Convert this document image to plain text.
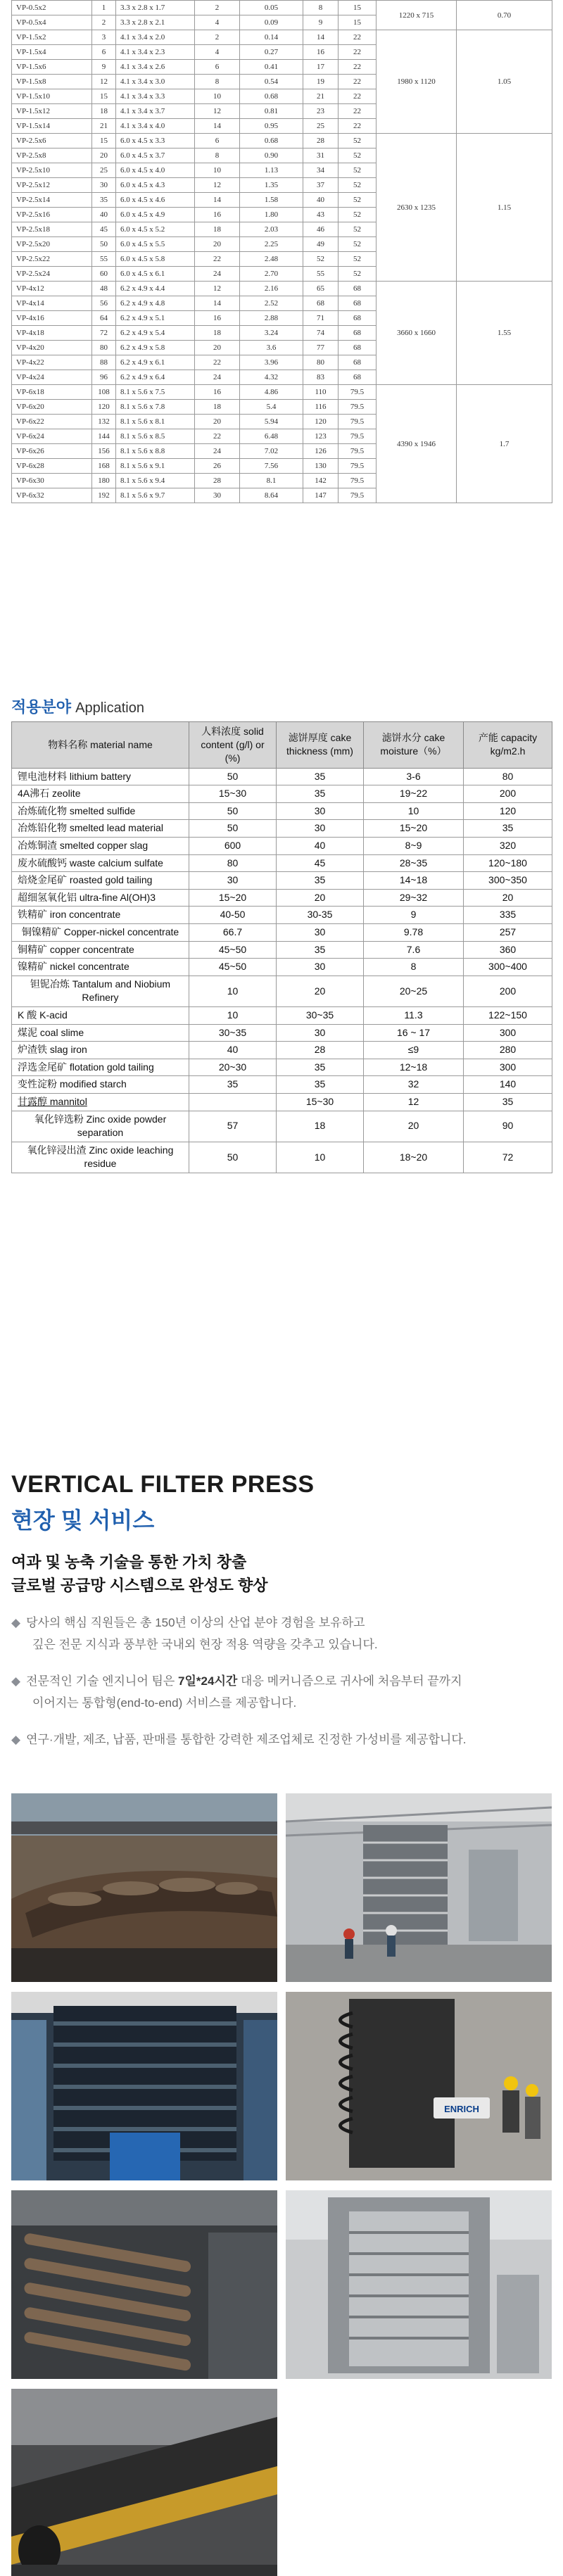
VP-0.5x2	1	3.3 x 2.8 x 1.7	2	0.05	8	15	1220 x 715	0.70
VP-0.5x4	2	3.3 x 2.8 x 2.1	4	0.09	9	15		
VP-1.5x2	3	4.1 x 3.4 x 2.0	2	0.14	14	22	1980 x 1120	1.05
VP-1.5x4	6	4.1 x 3.4 x 2.3	4	0.27	16	22		
VP-1.5x6	9	4.1 x 3.4 x 2.6	6	0.41	17	22		
VP-1.5x8	12	4.1 x 3.4 x 3.0	8	0.54	19	22		
VP-1.5x10	15	4.1 x 3.4 x 3.3	10	0.68	21	22		
VP-1.5x12	18	4.1 x 3.4 x 3.7	12	0.81	23	22		
VP-1.5x14	21	4.1 x 3.4 x 4.0	14	0.95	25	22		
VP-2.5x6	15	6.0 x 4.5 x 3.3	6	0.68	28	52	2630 x 1235	1.15
VP-2.5x8	20	6.0 x 4.5 x 3.7	8	0.90	31	52		
VP-2.5x10	25	6.0 x 4.5 x 4.0	10	1.13	34	52		
VP-2.5x12	30	6.0 x 4.5 x 4.3	12	1.35	37	52		
VP-2.5x14	35	6.0 x 4.5 x 4.6	14	1.58	40	52		
VP-2.5x16	40	6.0 x 4.5 x 4.9	16	1.80	43	52		
VP-2.5x18	45	6.0 x 4.5 x 5.2	18	2.03	46	52		
VP-2.5x20	50	6.0 x 4.5 x 5.5	20	2.25	49	52		
VP-2.5x22	55	6.0 x 4.5 x 5.8	22	2.48	52	52		
VP-2.5x24	60	6.0 x 4.5 x 6.1	24	2.70	55	52		
VP-4x12	48	6.2 x 4.9 x 4.4	12	2.16	65	68	3660 x 1660	1.55
VP-4x14	56	6.2 x 4.9 x 4.8	14	2.52	68	68		
VP-4x16	64	6.2 x 4.9 x 5.1	16	2.88	71	68		
VP-4x18	72	6.2 x 4.9 x 5.4	18	3.24	74	68		
VP-4x20	80	6.2 x 4.9 x 5.8	20	3.6	77	68		
VP-4x22	88	6.2 x 4.9 x 6.1	22	3.96	80	68		
VP-4x24	96	6.2 x 4.9 x 6.4	24	4.32	83	68		
VP-6x18	108	8.1 x 5.6 x 7.5	16	4.86	110	79.5	4390 x 1946	1.7
VP-6x20	120	8.1 x 5.6 x 7.8	18	5.4	116	79.5		
VP-6x22	132	8.1 x 5.6 x 8.1	20	5.94	120	79.5		
VP-6x24	144	8.1 x 5.6 x 8.5	22	6.48	123	79.5		
VP-6x26	156	8.1 x 5.6 x 8.8	24	7.02	126	79.5		
VP-6x28	168	8.1 x 5.6 x 9.1	26	7.56	130	79.5		
VP-6x30	180	8.1 x 5.6 x 9.4	28	8.1	142	79.5		
VP-6x32	192	8.1 x 5.6 x 9.7	30	8.64	147	79.5		
적용분야 Application
物料名称 material name	人料浓度 solid content (g/l) or (%)	滤饼厚度 cake thickness (mm)	滤饼水分 cake moisture（%）	产能 capacity kg/m2.h
锂电池材料 lithium battery	50	35	3-6	80
4A沸石 zeolite	15~30	35	19~22	200
冶炼硫化物 smelted sulfide	50	30	10	120
冶炼铅化物 smelted lead material	50	30	15~20	35
冶炼铜渣 smelted copper slag	600	40	8~9	320
废水硫酸钙 waste calcium sulfate	80	45	28~35	120~180
焙烧金尾矿 roasted gold tailing	30	35	14~18	300~350
超细氢氧化铝 ultra-fine Al(OH)3	15~20	20	29~32	20
铁精矿 iron concentrate	40-50	30-35	9	335
铜镍精矿 Copper-nickel concentrate	66.7	30	9.78	257
铜精矿 copper concentrate	45~50	35	7.6	360
镍精矿 nickel concentrate	45~50	30	8	300~400
钽铌冶炼 Tantalum and Niobium Refinery	10	20	20~25	200
K 酸 K-acid	10	30~35	11.3	122~150
煤泥 coal slime	30~35	30	16 ~ 17	300
炉渣铁 slag iron	40	28	≤9	280
浮选金尾矿 flotation gold tailing	20~30	35	12~18	300
变性淀粉 modified starch	35	35	32	140
甘露醇 mannitol		15~30	12	35
氧化锌选粉 Zinc oxide powder separation	57	18	20	90
氧化锌浸出渣 Zinc oxide leaching residue	50	10	18~20	72
VERTICAL FILTER PRESS
현장 및 서비스
여과 및 농축 기술을 통한 가치 창출
글로벌 공급망 시스템으로 완성도 향상
◆ 당사의 핵심 직원들은 총 150년 이상의 산업 분야 경험을 보유하고
깊은 전문 지식과 풍부한 국내외 현장 적용 역량을 갖추고 있습니다.
◆ 전문적인 기술 엔지니어 팀은 7일*24시간 대응 메커니즘으로 귀사에 처음부터 끝까지
이어지는 통합형(end-to-end) 서비스를 제공합니다.
◆ 연구·개발, 제조, 납품, 판매를 통합한 강력한 제조업체로 진정한 가성비를 제공합니다.
ENRICH
